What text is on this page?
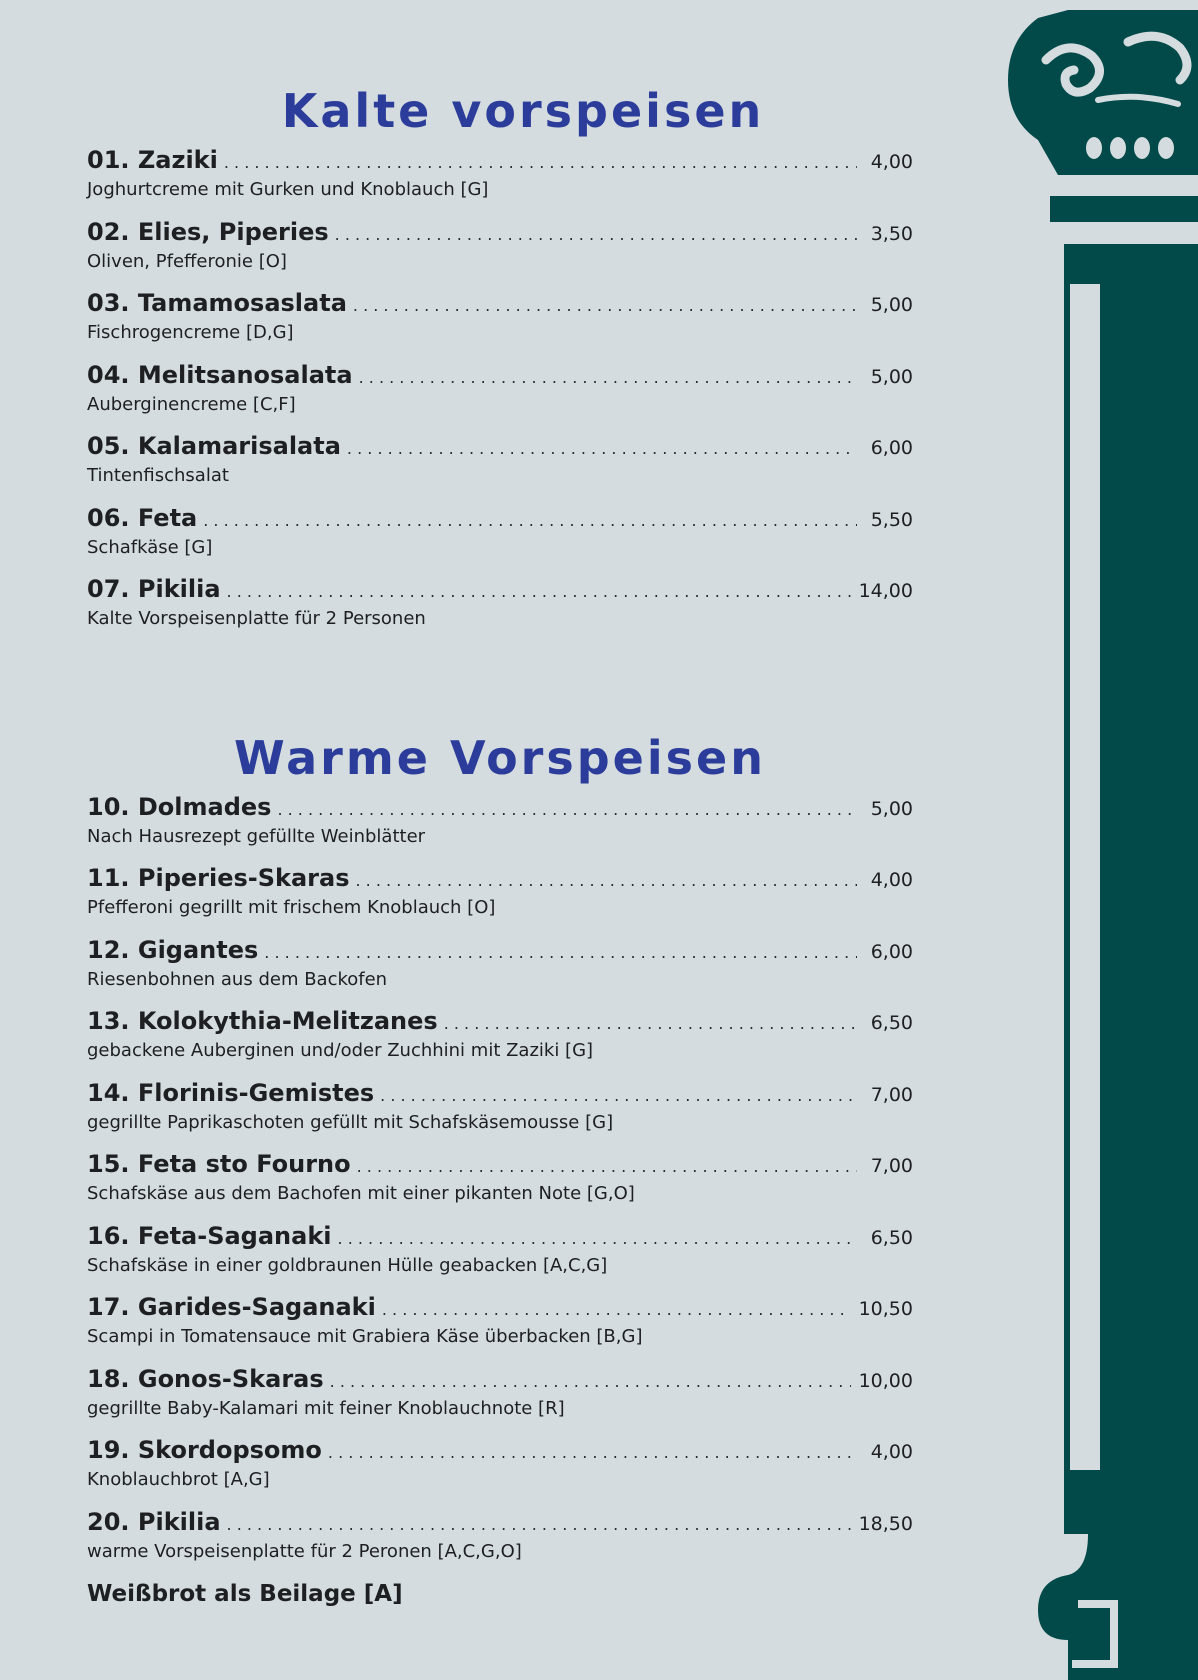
Kalte vorspeisen
01. Zaziki . . .	4,00
Joghurtcreme mit Gurken und Knoblauch [G]
02. Elies, Piperies . . .	3,50
Oliven, Pfefferonie [O]
03. Tamamosaslata . . .	5,00
Fischrogencreme [D,G]
04. Melitsanosalata . . .	5,00
Auberginencreme [C,F]
05. Kalamarisalata . . .	6,00
Tintenfischsalat
06. Feta . . .	5,50
Schafkäse [G]
07. Pikilia . . .	14,00
Kalte Vorspeisenplatte für 2 Personen
Warme Vorspeisen
10. Dolmades . . .	5,00
Nach Hausrezept gefüllte Weinblätter
11. Piperies-Skaras . . .	4,00
Pfefferoni gegrillt mit frischem Knoblauch [O]
12. Gigantes . . .	6,00
Riesenbohnen aus dem Backofen
13. Kolokythia-Melitzanes . . .	6,50
gebackene Auberginen und/oder Zuchhini mit Zaziki [G]
14. Florinis-Gemistes . . .	7,00
gegrillte Paprikaschoten gefüllt mit Schafskäsemousse [G]
15. Feta sto Fourno . . .	7,00
Schafskäse aus dem Bachofen mit einer pikanten Note [G,O]
16. Feta-Saganaki . . .	6,50
Schafskäse in einer goldbraunen Hülle geabacken [A,C,G]
17. Garides-Saganaki . . .	10,50
Scampi in Tomatensauce mit Grabiera Käse überbacken [B,G]
18. Gonos-Skaras . . .	10,00
gegrillte Baby-Kalamari mit feiner Knoblauchnote [R]
19. Skordopsomo . . .	4,00
Knoblauchbrot [A,G]
20. Pikilia . . .	18,50
warme Vorspeisenplatte für 2 Peronen [A,C,G,O]
Weißbrot als Beilage [A]
